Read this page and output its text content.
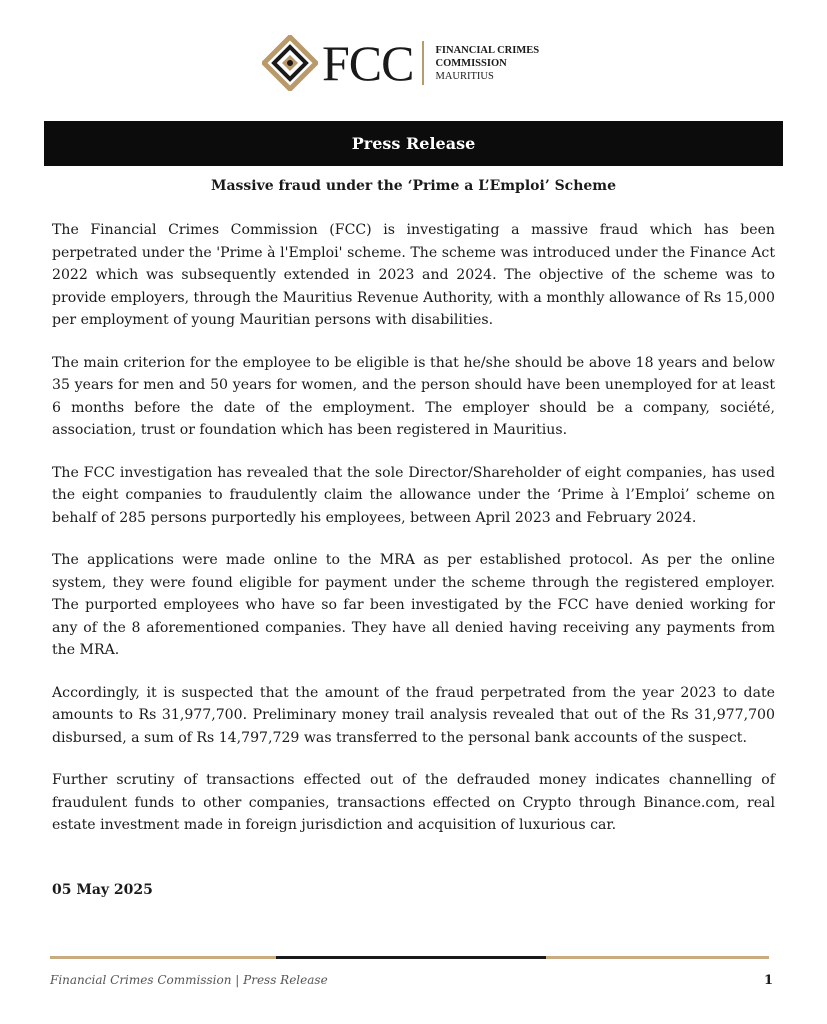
FCC FINANCIAL CRIMES
COMMISSION
MAURITIUS
Press Release
Massive fraud under the ‘Prime a L’Emploi’ Scheme

The Financial Crimes Commission (FCC) is investigating a massive fraud which has been perpetrated under the 'Prime à l'Emploi' scheme. The scheme was introduced under the Finance Act 2022 which was subsequently extended in 2023 and 2024. The objective of the scheme was to provide employers, through the Mauritius Revenue Authority, with a monthly allowance of Rs 15,000 per employment of young Mauritian persons with disabilities.

The main criterion for the employee to be eligible is that he/she should be above 18 years and below 35 years for men and 50 years for women, and the person should have been unemployed for at least 6 months before the date of the employment. The employer should be a company, société, association, trust or foundation which has been registered in Mauritius.

The FCC investigation has revealed that the sole Director/Shareholder of eight companies, has used the eight companies to fraudulently claim the allowance under the ‘Prime à l’Emploi’ scheme on behalf of 285 persons purportedly his employees, between April 2023 and February 2024.

The applications were made online to the MRA as per established protocol. As per the online system, they were found eligible for payment under the scheme through the registered employer. The purported employees who have so far been investigated by the FCC have denied working for any of the 8 aforementioned companies. They have all denied having receiving any payments from the MRA.

Accordingly, it is suspected that the amount of the fraud perpetrated from the year 2023 to date amounts to Rs 31,977,700. Preliminary money trail analysis revealed that out of the Rs 31,977,700 disbursed, a sum of Rs 14,797,729 was transferred to the personal bank accounts of the suspect.

Further scrutiny of transactions effected out of the defrauded money indicates channelling of fraudulent funds to other companies, transactions effected on Crypto through Binance.com, real estate investment made in foreign jurisdiction and acquisition of luxurious car.

05 May 2025
Financial Crimes Commission | Press Release	1
